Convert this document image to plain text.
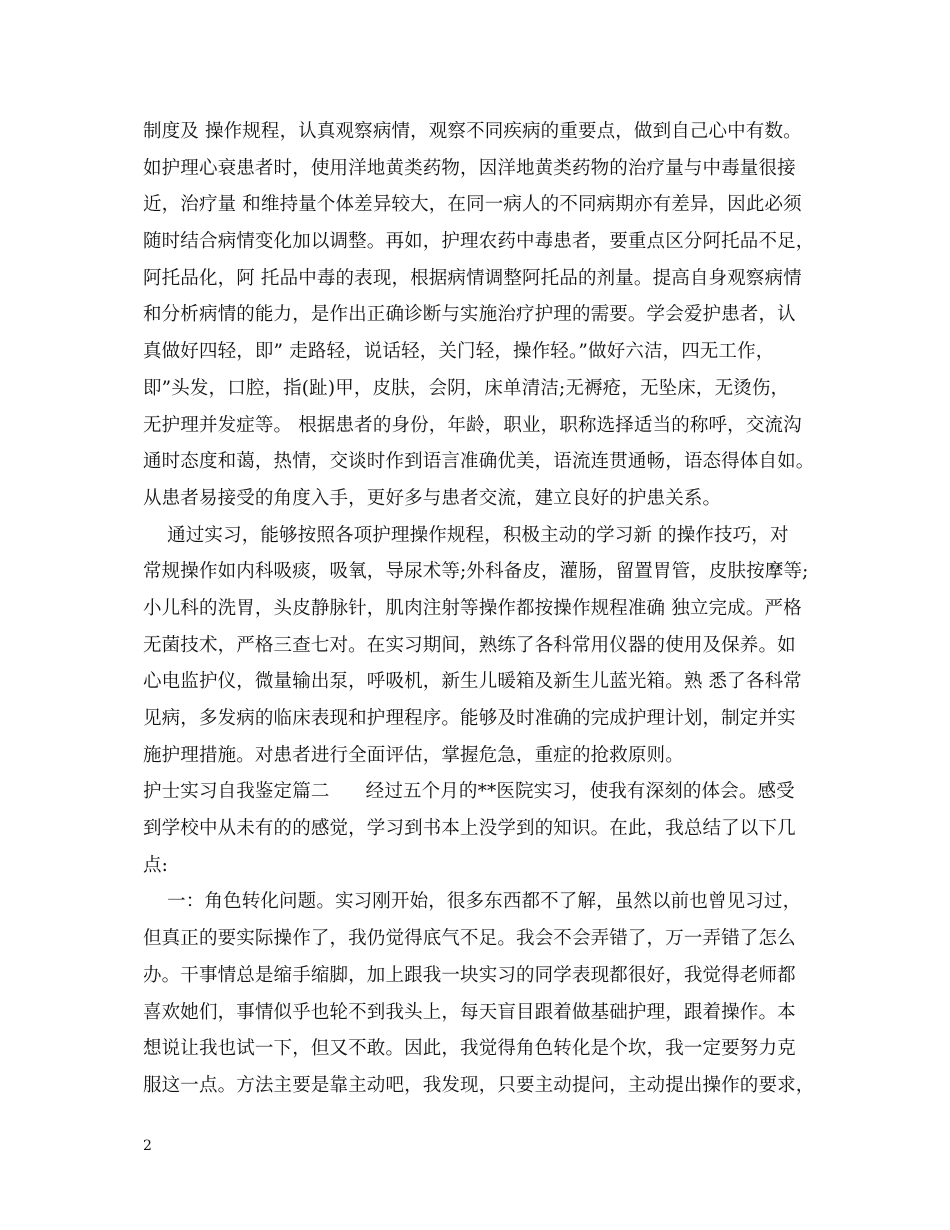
制度及 操作规程，认真观察病情，观察不同疾病的重要点，做到自己心中有数。
如护理心衰患者时，使用洋地黄类药物，因洋地黄类药物的治疗量与中毒量很接
近，治疗量 和维持量个体差异较大，在同一病人的不同病期亦有差异，因此必须
随时结合病情变化加以调整。再如，护理农药中毒患者，要重点区分阿托品不足，
阿托品化，阿 托品中毒的表现，根据病情调整阿托品的剂量。提高自身观察病情
和分析病情的能力，是作出正确诊断与实施治疗护理的需要。学会爱护患者，认
真做好四轻，即” 走路轻，说话轻，关门轻，操作轻。”做好六洁，四无工作，
即”头发，口腔，指(趾)甲，皮肤，会阴，床单清洁;无褥疮，无坠床，无烫伤，
无护理并发症等。 根据患者的身份，年龄，职业，职称选择适当的称呼，交流沟
通时态度和蔼，热情，交谈时作到语言准确优美，语流连贯通畅，语态得体自如。
从患者易接受的角度入手，更好多与患者交流，建立良好的护患关系。
通过实习，能够按照各项护理操作规程，积极主动的学习新 的操作技巧，对
常规操作如内科吸痰，吸氧，导尿术等;外科备皮，灌肠，留置胃管，皮肤按摩等;
小儿科的洗胃，头皮静脉针，肌肉注射等操作都按操作规程准确 独立完成。严格
无菌技术，严格三查七对。在实习期间，熟练了各科常用仪器的使用及保养。如
心电监护仪，微量输出泵，呼吸机，新生儿暖箱及新生儿蓝光箱。熟 悉了各科常
见病，多发病的临床表现和护理程序。能够及时准确的完成护理计划，制定并实
施护理措施。对患者进行全面评估，掌握危急，重症的抢救原则。
护士实习自我鉴定篇二      经过五个月的**医院实习，使我有深刻的体会。感受
到学校中从未有的的感觉，学习到书本上没学到的知识。在此，我总结了以下几
点:
一：角色转化问题。实习刚开始，很多东西都不了解，虽然以前也曾见习过，
但真正的要实际操作了，我仍觉得底气不足。我会不会弄错了，万一弄错了怎么
办。干事情总是缩手缩脚，加上跟我一块实习的同学表现都很好，我觉得老师都
喜欢她们，事情似乎也轮不到我头上，每天盲目跟着做基础护理，跟着操作。本
想说让我也试一下，但又不敢。因此，我觉得角色转化是个坎，我一定要努力克
服这一点。方法主要是靠主动吧，我发现，只要主动提问，主动提出操作的要求，
2
